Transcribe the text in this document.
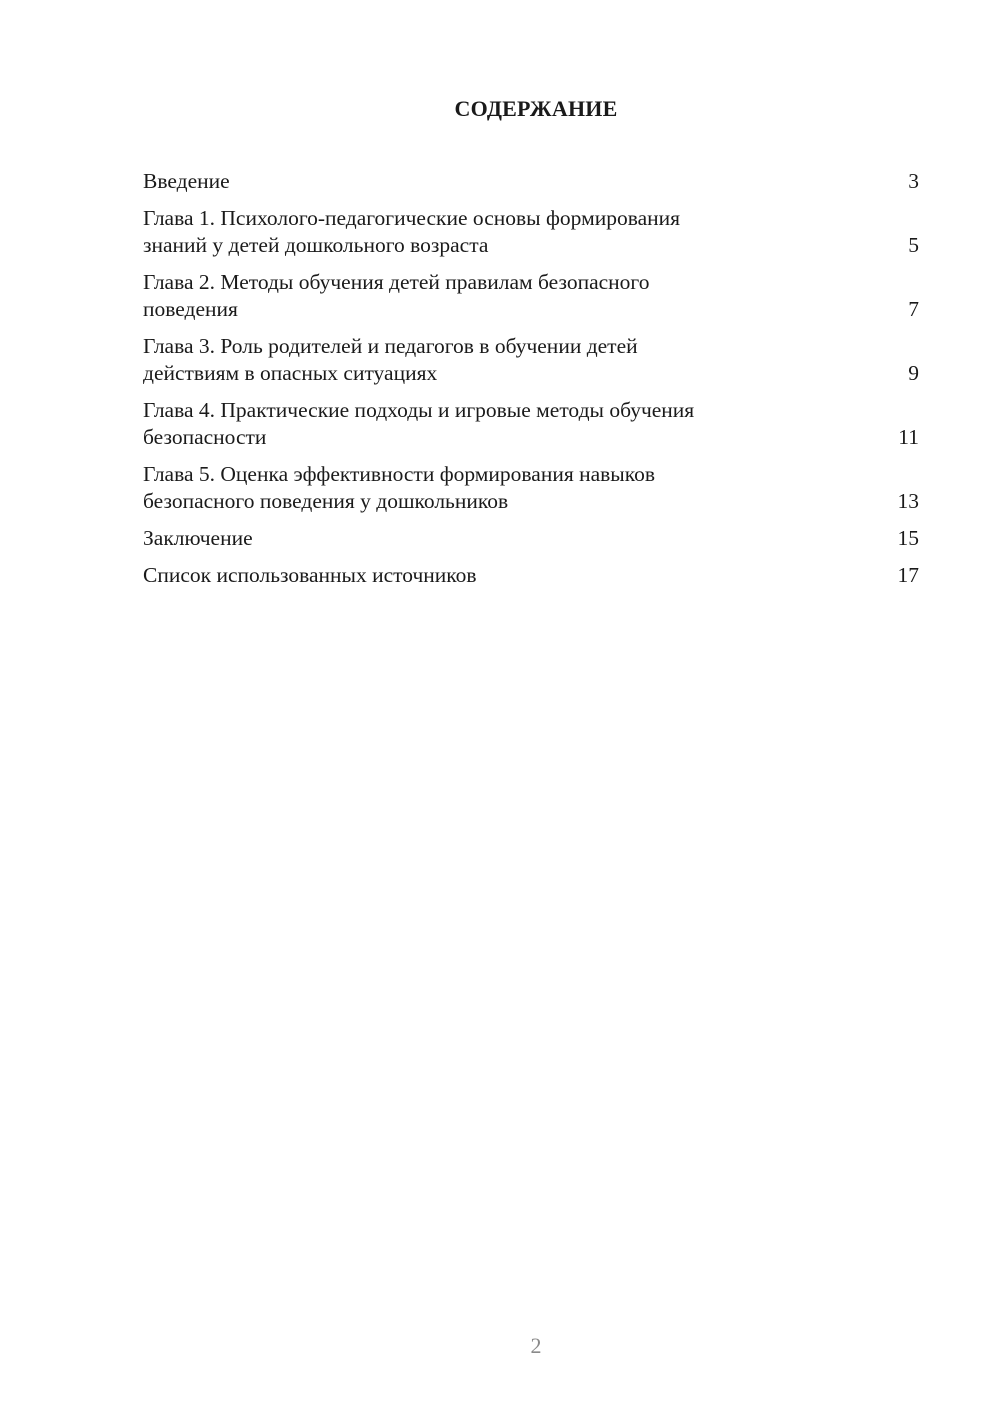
СОДЕРЖАНИЕ
Введение	3
Глава 1. Психолого-педагогические основы формирования
знаний у детей дошкольного возраста	5
Глава 2. Методы обучения детей правилам безопасного
поведения	7
Глава 3. Роль родителей и педагогов в обучении детей
действиям в опасных ситуациях	9
Глава 4. Практические подходы и игровые методы обучения
безопасности	11
Глава 5. Оценка эффективности формирования навыков
безопасного поведения у дошкольников	13
Заключение	15
Список использованных источников	17
2
